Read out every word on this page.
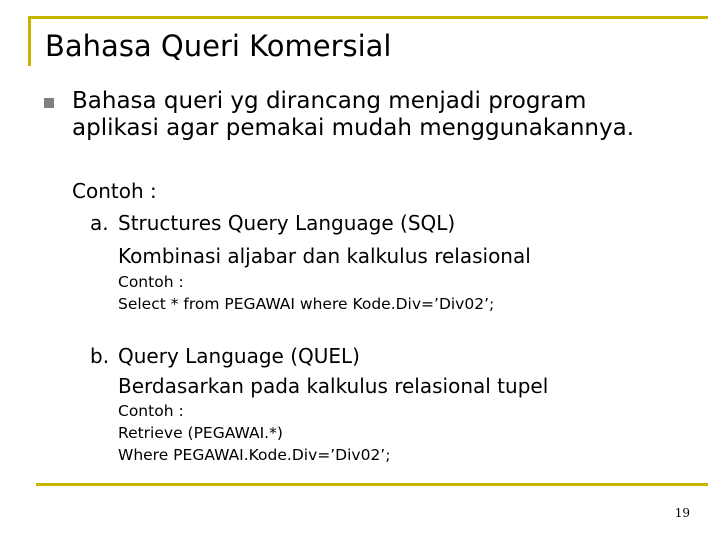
Bahasa Queri Komersial
Bahasa queri yg dirancang menjadi program
aplikasi agar pemakai mudah menggunakannya.
Contoh :
a. Structures Query Language (SQL)
Kombinasi aljabar dan kalkulus relasional
Contoh :
Select * from PEGAWAI where Kode.Div=’Div02’;
b. Query Language (QUEL)
Berdasarkan pada kalkulus relasional tupel
Contoh :
Retrieve (PEGAWAI.*)
Where PEGAWAI.Kode.Div=’Div02’;
19
